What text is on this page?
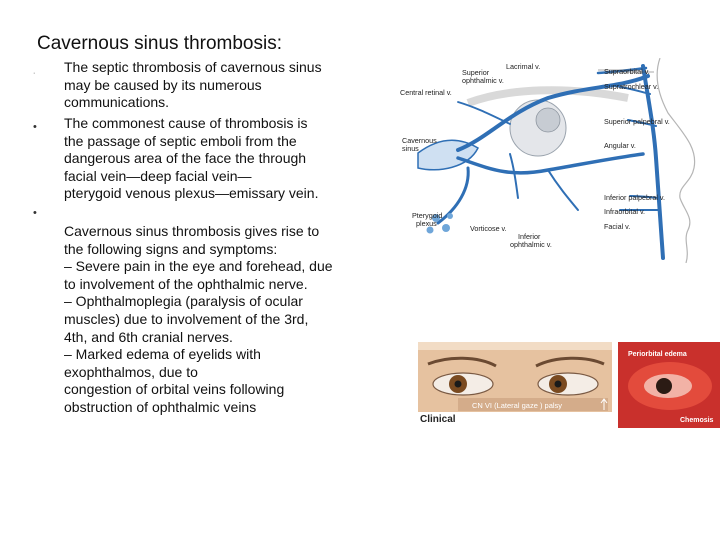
Cavernous sinus thrombosis:
· The septic thrombosis of cavernous sinus
may be caused by its numerous
communications.
• The commonest cause of thrombosis is
the passage of septic emboli from the
dangerous area of the face the through
facial vein—deep facial vein—
pterygoid venous plexus—emissary vein.
•
Cavernous sinus thrombosis gives rise to
the following signs and symptoms:
– Severe pain in the eye and forehead, due
to involvement of the ophthalmic nerve.
– Ophthalmoplegia (paralysis of ocular
muscles) due to involvement of the 3rd,
4th, and 6th cranial nerves.
– Marked edema of eyelids with
exophthalmos, due to
congestion of orbital veins following
obstruction of ophthalmic veins
Lacrimal v.
Superior
ophthalmic v.
Central retinal v.
Cavernous
sinus
Pterygoid
plexus
Vorticose v.
Inferior
ophthalmic v.
Supraorbital v.
Supratrochlear v.
Superior palpebral v.
Angular v.
Inferior palpebral v.
Infraorbital v.
Facial v.
CN VI (Lateral gaze ) palsy
Clinical
Periorbital edema
Chemosis
